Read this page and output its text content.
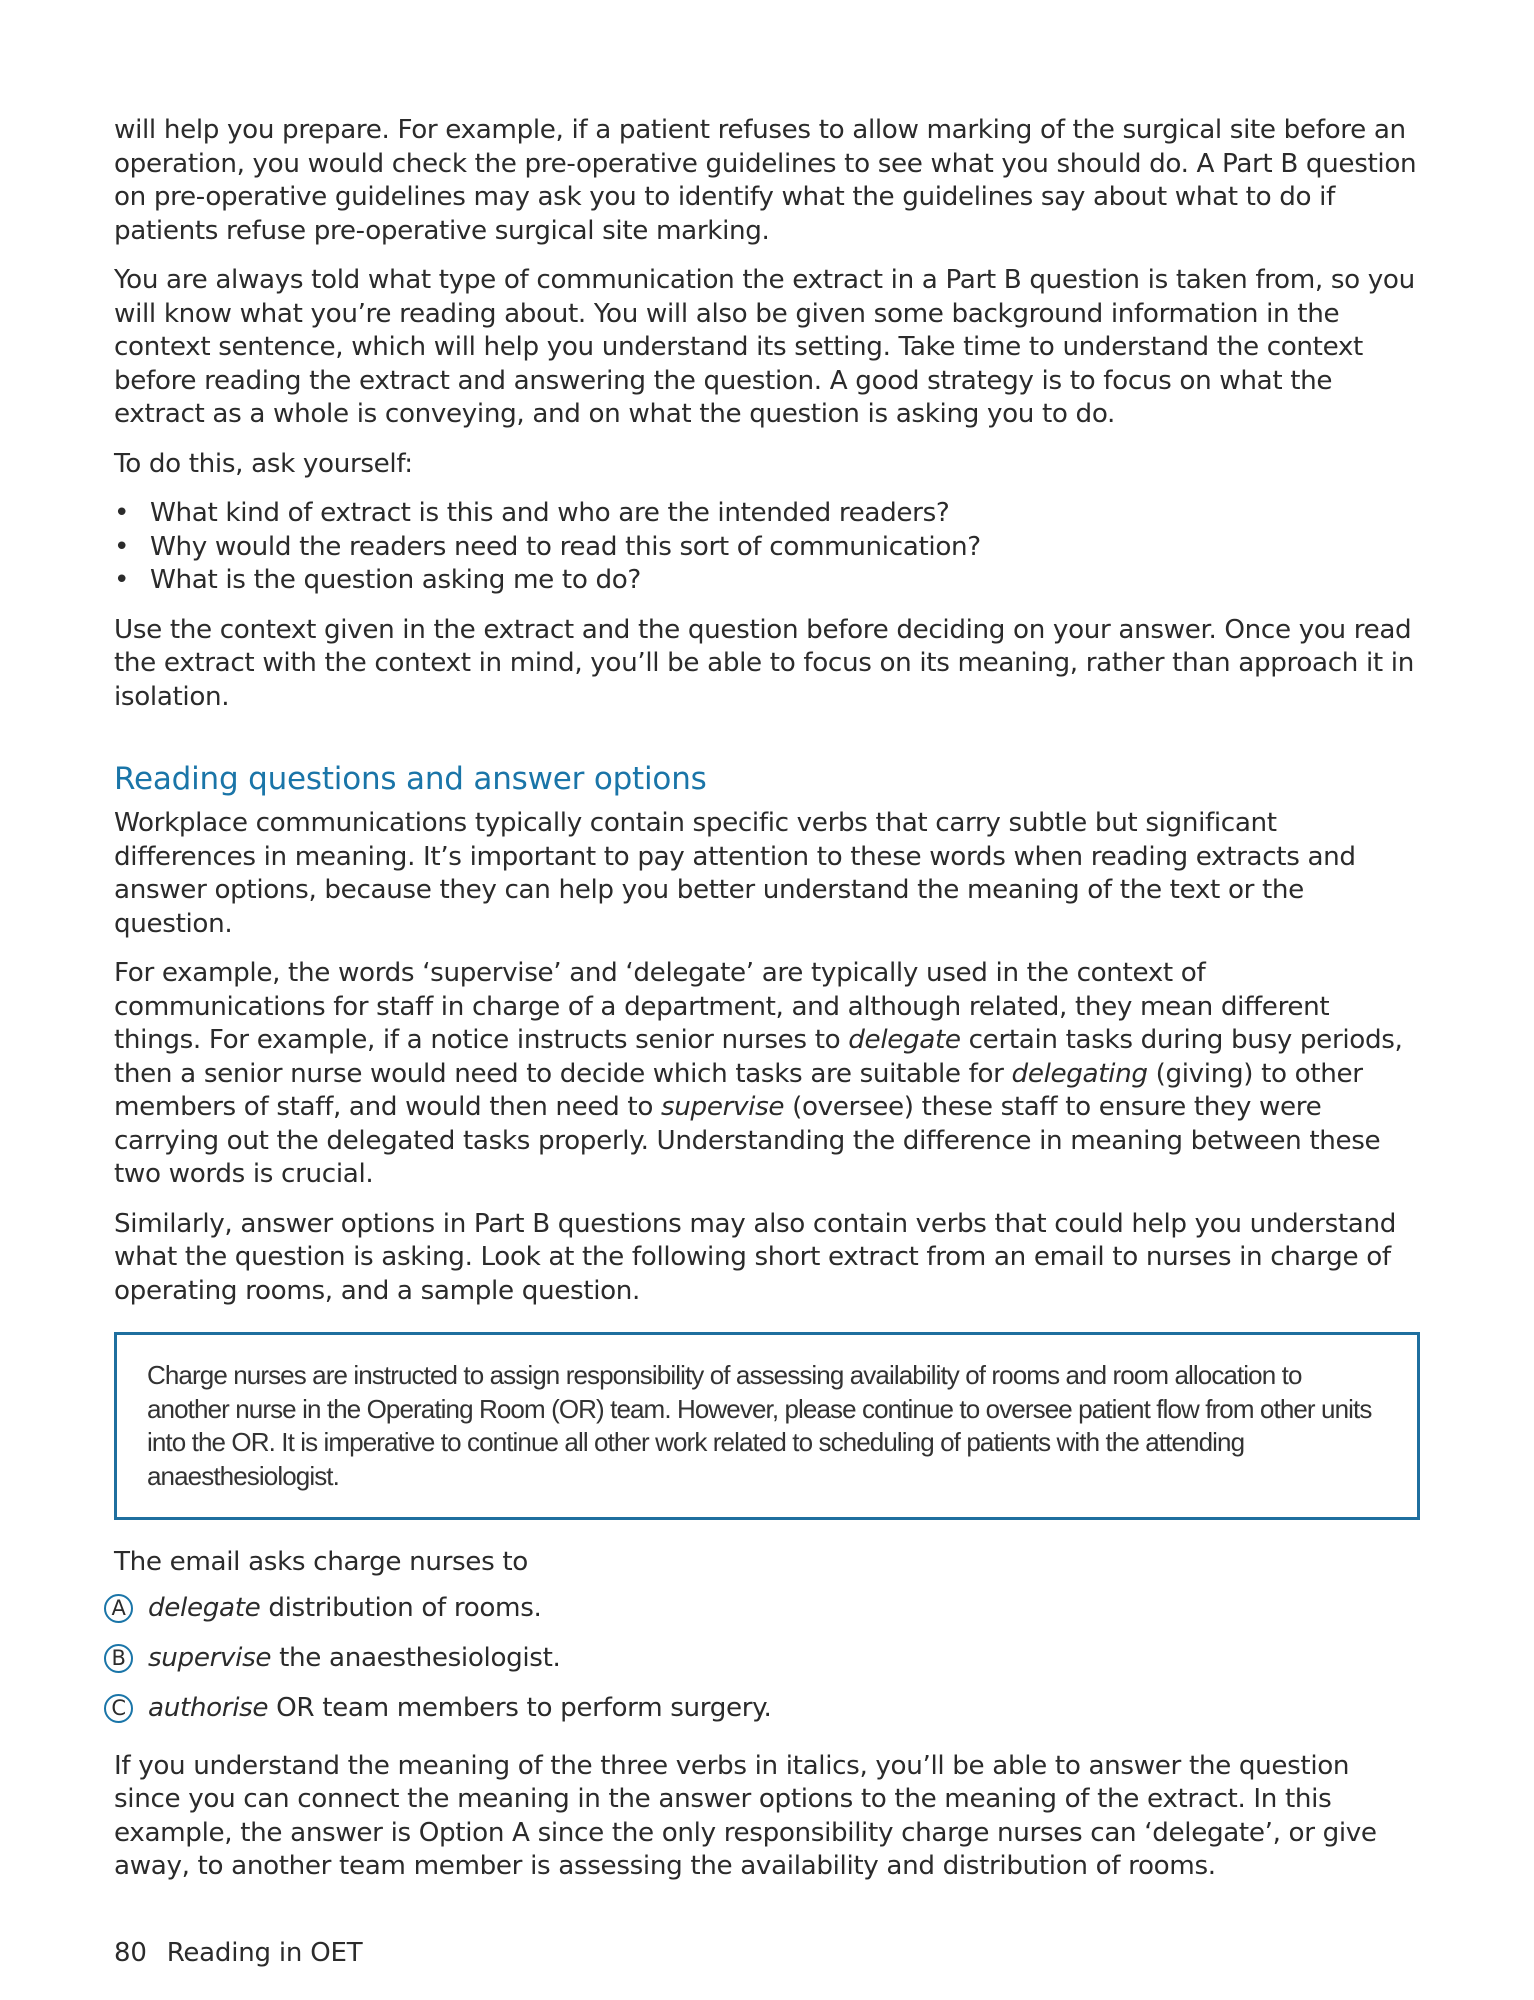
will help you prepare. For example, if a patient refuses to allow marking of the surgical site before an operation, you would check the pre-operative guidelines to see what you should do. A Part B question on pre-operative guidelines may ask you to identify what the guidelines say about what to do if patients refuse pre-operative surgical site marking.

You are always told what type of communication the extract in a Part B question is taken from, so you will know what you’re reading about. You will also be given some background information in the context sentence, which will help you understand its setting. Take time to understand the context before reading the extract and answering the question. A good strategy is to focus on what the extract as a whole is conveying, and on what the question is asking you to do.

To do this, ask yourself:

• What kind of extract is this and who are the intended readers?
• Why would the readers need to read this sort of communication?
• What is the question asking me to do?

Use the context given in the extract and the question before deciding on your answer. Once you read the extract with the context in mind, you’ll be able to focus on its meaning, rather than approach it in isolation.

Reading questions and answer options

Workplace communications typically contain specific verbs that carry subtle but significant differences in meaning. It’s important to pay attention to these words when reading extracts and answer options, because they can help you better understand the meaning of the text or the question.

For example, the words ‘supervise’ and ‘delegate’ are typically used in the context of communications for staff in charge of a department, and although related, they mean different things. For example, if a notice instructs senior nurses to delegate certain tasks during busy periods, then a senior nurse would need to decide which tasks are suitable for delegating (giving) to other members of staff, and would then need to supervise (oversee) these staff to ensure they were carrying out the delegated tasks properly. Understanding the difference in meaning between these two words is crucial.

Similarly, answer options in Part B questions may also contain verbs that could help you understand what the question is asking. Look at the following short extract from an email to nurses in charge of operating rooms, and a sample question.

Charge nurses are instructed to assign responsibility of assessing availability of rooms and room allocation to another nurse in the Operating Room (OR) team. However, please continue to oversee patient flow from other units into the OR. It is imperative to continue all other work related to scheduling of patients with the attending anaesthesiologist.

The email asks charge nurses to

A delegate distribution of rooms.
B supervise the anaesthesiologist.
C authorise OR team members to perform surgery.

If you understand the meaning of the three verbs in italics, you’ll be able to answer the question since you can connect the meaning in the answer options to the meaning of the extract. In this example, the answer is Option A since the only responsibility charge nurses can ‘delegate’, or give away, to another team member is assessing the availability and distribution of rooms.

80 Reading in OET
